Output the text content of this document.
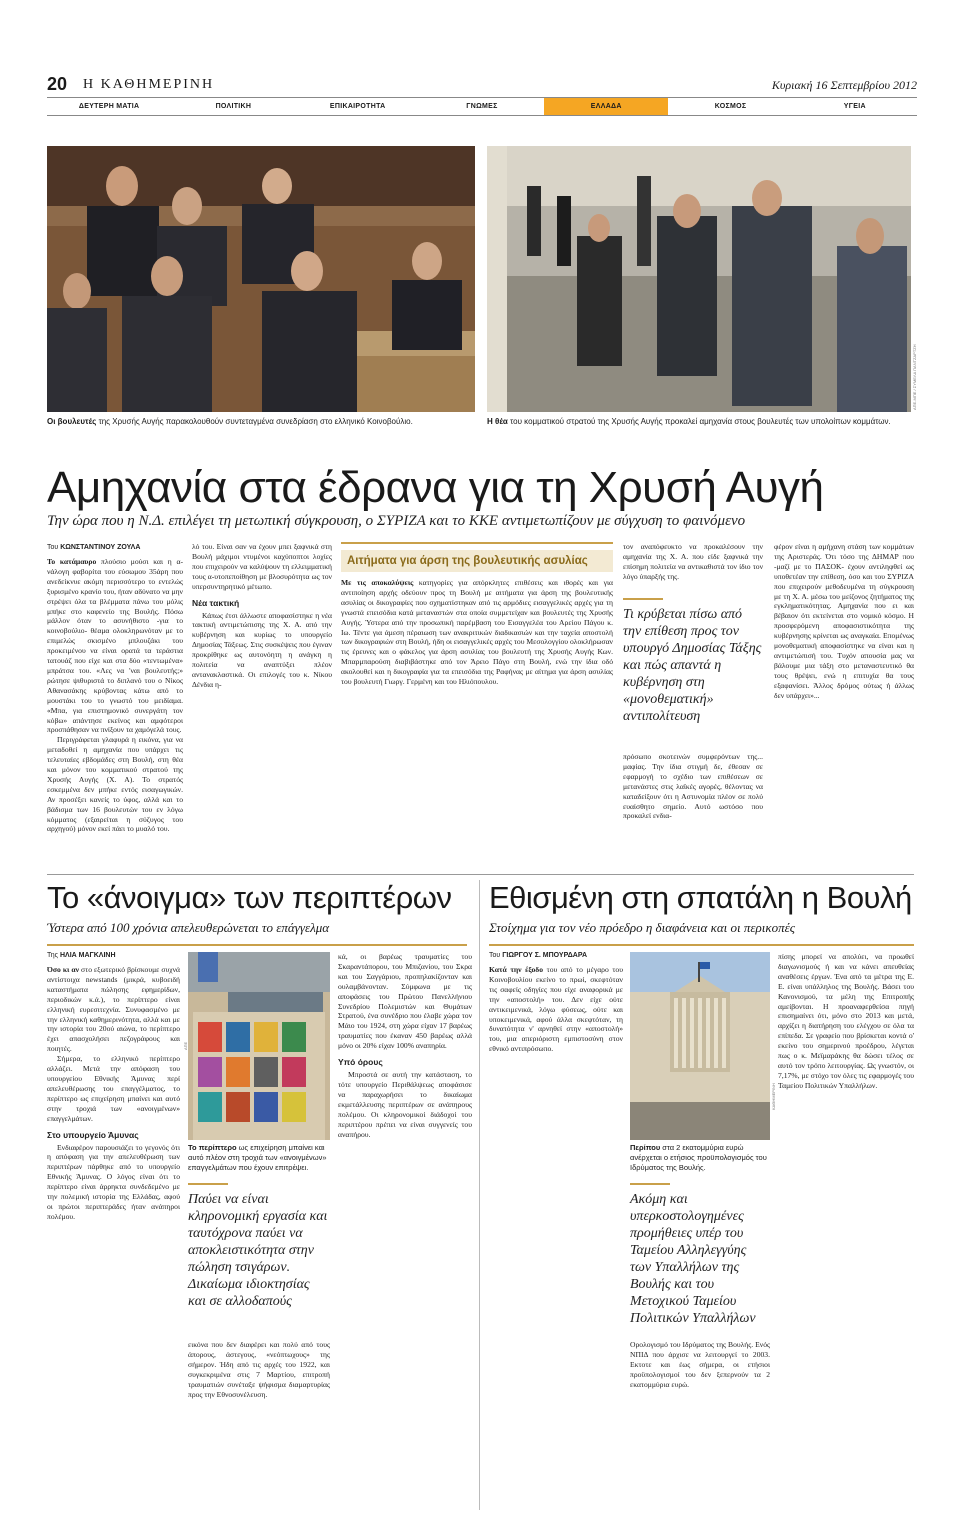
20 Η ΚΑΘΗΜΕΡΙΝΗ	Κυριακή 16 Σεπτεμβρίου 2012
ΔΕΥΤΕΡΗ ΜΑΤΙΑ	ΠΟΛΙΤΙΚΗ	ΕΠΙΚΑΙΡΟΤΗΤΑ	ΓΝΩΜΕΣ	ΕΛΛΑΔΑ	ΚΟΣΜΟΣ	ΥΓΕΙΑ
Οι βουλευτές της Χρυσής Αυγής παρακολουθούν συντεταγμένα συνεδρίαση στο ελληνικό Κοινοβούλιο.
ΑΠΕ-ΜΠΕ / ΣΥΜΕΛΑ ΠΑΝΤΖΑΡΤΖΗ
Η θέα του κομματικού στρατού της Χρυσής Αυγής προκαλεί αμηχανία στους βουλευτές των υπολοίπων κομμάτων.
Αμηχανία στα έδρανα για τη Χρυσή Αυγή
Την ώρα που η Ν.Δ. επιλέγει τη μετωπική σύγκρουση, ο ΣΥΡΙΖΑ και το ΚΚΕ αντιμετωπίζουν με σύγχυση το φαινόμενο
Του ΚΩΝΣΤΑΝΤΙΝΟΥ ΖΟΥΛΑ

Το κατάμαυρο πλούσιο μούσι και η α-νάλογη φαβορίτα του εύσωμου 35άρη που ανεδείκνυε ακόμη περισσότερο το εντελώς ξυρισμένο κρανίο του, ήταν αδύνατο να μην στρέψει όλα τα βλέμματα πάνω του μόλις μπήκε στο καφενείο της Βουλής. Πόσω μάλλον όταν το ασυνήθιστο -για το κοινοβούλιο- θέαμα ολοκληρωνόταν με το επιμελώς σκισμένο μπλουζάκι του προκειμένου να είναι ορατά τα τεράστια τατουάζ που είχε και στα δύο «τεντωμένα» μπράτσα του. «Λες να 'ναι βουλευτής;» ρώτησε ψιθυριστά το διπλανό του ο Νίκος Αθανασάκης κρύβοντας κάτω από το μουστάκι του το γνωστό του μειδίαμα. «Μπα, για επιστημονικό συνεργάτη τον κόβω» απάντησε εκείνος και αμφότεροι προσπάθησαν να πνίξουν τα χαμόγελά τους.

Περιγράφεται γλαφυρά η εικόνα, για να μεταδοθεί η αμηχανία που υπάρχει τις τελευταίες εβδομάδες στη Βουλή, στη θέα και μόνον του κομματικού στρατού της Χρυσής Αυγής (Χ. Α). Το στρατός εσκεμμένα δεν μπήκε εντός εισαγωγικών. Αν προσέξει κανείς το ύφος, αλλά και το βάδισμα των 16 βουλευτών του εν λόγω κόμματος (εξαιρείται η σύζυγος του αρχηγού) μόνον εκεί πάει το μυαλό του.

λό του. Είναι σαν να έχουν μπει ξαφνικά στη Βουλή μάχιμοι ντυμένοι καχύποπτοι λοχίες που επιχειρούν να καλύψουν τη ελλειμματική τους α-υτοπεποίθηση με βλοσυρότητα ως τον υπερσυντηρητικό μέτωπο.

Νέα τακτική

Κάπως έτσι άλλωστε αποφασίστηκε η νέα τακτική αντιμετώπισης της Χ. Α. από την κυβέρνηση και κυρίως το υπουργείο Δημοσίας Τάξεως. Στις συσκέψεις που έγιναν προκρίθηκε ως αυτονόητη η ανάγκη η πολιτεία να αναπτύξει πλέον αντανακλαστικά. Οι επιλογές του κ. Νίκου Δένδια η-

Αιτήματα για άρση της βουλευτικής ασυλίας
Με τις αποκαλύψεις κατηγορίες για απόρκλητες επιθέσεις και ιθορές και για αντιποίηση αρχής οδεύουν προς τη Βουλή με αιτήματα για άρση της βουλευτικής ασυλίας οι δικογραφίες που σχηματίστηκαν από τις αρμόδιες εισαγγελικές αρχές για τη γνωστά επεισόδια κατά μεταναστών στα οποία συμμετείχαν και βουλευτές της Χρυσής Αυγής. Ύστερα από την προσωπική παρέμβαση του Εισαγγελέα του Αρείου Πάγου κ. Ιω. Τέντε για άμεση πέραιωση των ανακριτικών διαδικασιών και την ταχεία αποστολή των δικογραφιών στη Βουλή, ήδη οι εισαγγελικές αρχές του Μεσολογγίου ολοκλήρωσαν τις έρευνες και ο φάκελος για άρση ασυλίας του βουλευτή της Χρυσής Αυγής Κων. Μπαρμπαρούση διαβιβάστηκε από τον Άρειο Πάγο στη Βουλή, ενώ την ίδια οδό ακολουθεί και η δικογραφία για τα επεισόδια της Ραφήνας με αίτημα για άρση ασυλίας του βουλευτή Γιωργ. Γερμένη και του Ηλιόπουλου.

τον αναπόφευκτο να προκαλέσουν την αμηχανία της Χ. Α. που είδε ξαφνικά την επίσημη πολιτεία να αντικαθιστά τον ίδιο τον λόγο ύπαρξής της.

Τι κρύβεται πίσω από την επίθεση προς τον υπουργό Δημοσίας Τάξης και πώς απαντά η κυβέρνηση στη «μονοθεματική» αντιπολίτευση

πρόσωπο σκοτεινών συμφερόντων της... μαφίας. Την ίδια στιγμή δε, έθεσαν σε εφαρμογή το σχέδιο των επιθέσεων σε μετανάστες στις λαϊκές αγορές, θέλοντας να καταδείξουν ότι η Αστυνομία πλέον σε πολύ ευαίσθητο σημείο. Αυτό ωστόσο που προκαλεί ενδια-

φέρον είναι η αμήχανη στάση των κομμάτων της Αριστεράς. Ότι τόσο της ΔΗΜΑΡ που -μαζί με το ΠΑΣΟΚ- έχουν αντιληφθεί ως υποθετέαν την επίθεση, όσο και του ΣΥΡΙΖΑ που επιχειρούν μεθοδευμένα τη σύγκρουση με τη Χ. Α. μέσω του μείζονος ζητήματος της εγκληματικότητας. Αμηχανία που ει και βέβαιον ότι εκτείνεται στο νομικό κόσμο. Η προσφερόμενη αποφασιστικότητα της κυβέρνησης κρίνεται ως αναγκαία. Επομένως μονοθεματική αποφασίστηκε να είναι και η αντιμετώπισή του. Τυχόν απουσία μας να βάλουμε μια τάξη στο μεταναστευτικό θα τους θρέψει, ενώ η επιτυχία θα τους εξαφανίσει. Άλλος δρόμος ούτως ή άλλως δεν υπάρχει»...

Το «άνοιγμα» των περιπτέρων
Ύστερα από 100 χρόνια απελευθερώνεται το επάγγελμα
Της ΗΛΙΑ ΜΑΓΚΛΙΝΗ

Όσο κι αν στο εξωτερικό βρίσκουμε συχνά αντίστοιχα newstands (μικρά, κυβοειδή καταστήματα πώλησης εφημερίδων, περιοδικών κ.ά.), το περίπτερο είναι ελληνική ευρεσιτεχνία. Συνυφασμένο με την ελληνική καθημερινότητα, αλλά και με την ιστορία του 20ού αιώνα, το περίπτερο έχει απασχολήσει πεζογράφους και ποιητές.

Σήμερα, το ελληνικό περίπτερο αλλάζει. Μετά την απόφαση του υπουργείου Εθνικής Άμυνας περί απελευθέρωσης του επαγγέλματος, το περίπτερο ως επιχείρηση μπαίνει και αυτό στην τροχιά των «ανοιγμένων» επαγγελμάτων.

Στο υπουργείο Άμυνας

Ενδιαφέρον παρουσιάζει το γεγονός ότι η απόφαση για την απελευθέρωση των περιπτέρων πάρθηκε από το υπουργείο Εθνικής Άμυνας. Ο λόγος είναι ότι το περίπτερο είναι άρρηκτα συνδεδεμένο με την πολεμική ιστορία της Ελλάδας, αφού οι πρώτοι περιπτεράδες ήταν ανάπηροι πολέμου.

ΑΠΕ
Το περίπτερο ως επιχείρηση μπαίνει και αυτό πλέον στη τροχιά των «ανοιγμένων» επαγγελμάτων που έχουν επιτρέψει.
Παύει να είναι κληρονομική εργασία και ταυτόχρονα παύει να αποκλειστικότητα στην πώληση τσιγάρων. Δικαίωμα ιδιοκτησίας και σε αλλοδαπούς

εικόνα που δεν διαφέρει και πολύ από τους άπορους, άστεγους, «νεόπτωχους» της σήμερον. Ήδη από τις αρχές του 1922, και συγκεκριμένα στις 7 Μαρτίου, επιτροπή τραυματιών συνέταξε ψήφισμα διαμαρτυρίας προς την Εθνοσυνέλευση.

κά, οι βαρέως τραυματίες του Σκαραντάπορου, του Μπιζανίου, του Σκρα και του Σαγγάριου, προπηλακίζονταν και ουλαμβάνονταν. Σύμφωνα με τις αποφάσεις του Πρώτου Πανελλήνιου Συνεδρίου Πολεμιστών και Θυμάτων Στρατού, ένα συνέδριο που έλαβε χώρα τον Μάιο του 1924, στη χώρα είχαν 17 βαρέως τραυματίες που έκαναν 450 βαρέως αλλά μόνο οι 20% είχαν 100% αναπηρία.

Υπό όρους

Μπροστά σε αυτή την κατάσταση, το τότε υπουργείο Περιθάλψεως αποφάσισε να παραχωρήσει το δικαίωμα εκμετάλλευσης περιπτέρων σε ανάπηρους πολέμου. Οι κληρονομικοί διάδοχοί του περιπτέρου πρέπει να είναι συγγενείς του αναπήρου.

Εθισμένη στη σπατάλη η Βουλή
Στοίχημα για τον νέο πρόεδρο η διαφάνεια και οι περικοπές
Του ΓΙΩΡΓΟΥ Σ. ΜΠΟΥΡΔΑΡΑ

Κατά την έξοδο του από το μέγαρο του Κοινοβουλίου εκείνο το πρωί, σκεφτόταν τις σαφείς οδηγίες που είχε αναφορικά με την «αποστολή» του. Δεν είχε ούτε αντικειμενικά, λόγω φύσεως, ούτε και υποκειμενικά, αφού άλλα σκεφτόταν, τη δυνατότητα ν' αρνηθεί στην «αποστολή» του, μια απεριόριστη εμπιστοσύνη στον εθνικό αντιπρόσωπο.

ΚΑΘΗΜΕΡΙΝΗ
Περίπου στα 2 εκατομμύρια ευρώ ανέρχεται ο ετήσιος προϋπολογισμός του Ιδρύματος της Βουλής.
Ακόμη και υπερκοστολογημένες προμήθειες υπέρ του Ταμείου Αλληλεγγύης των Υπαλλήλων της Βουλής και του Μετοχικού Ταμείου Πολιτικών Υπαλλήλων

Ορολογισμό του Ιδρύματος της Βουλής. Ενός ΝΠΙΔ που άρχισε να λειτουργεί το 2003. Εκτοτε και έως σήμερα, οι ετήσιοι προϋπολογισμοί του δεν ξεπερνούν τα 2 εκατομμύρια ευρώ.

πίσης μπορεί να απολύει, να προωθεί διαγωνισμούς ή και να κάνει απευθείας αναθέσεις έργων. Ένα από τα μέτρα της Ε. Ε. είναι υπάλληλος της Βουλής. Βάσει του Κανονισμού, τα μέλη της Επιτροπής αμείβονται. Η προαναφερθείσα πηγή επισημαίνει ότι, μόνο στο 2013 και μετά, αρχίζει η διατήρηση του ελέγχου σε όλα τα επίπεδα. Σε γραφείο που βρίσκεται κοντά ο' εκείνο του σημερινού προέδρου, λέγεται πως ο κ. Μεϊμαράκης θα δώσει τέλος σε αυτό τον τρόπο λειτουργίας. Ως γνωστόν, οι 7,17%, με στόχο τον όλες τις εφαρμογές του Ταμείου Πολιτικών Υπαλλήλων.
